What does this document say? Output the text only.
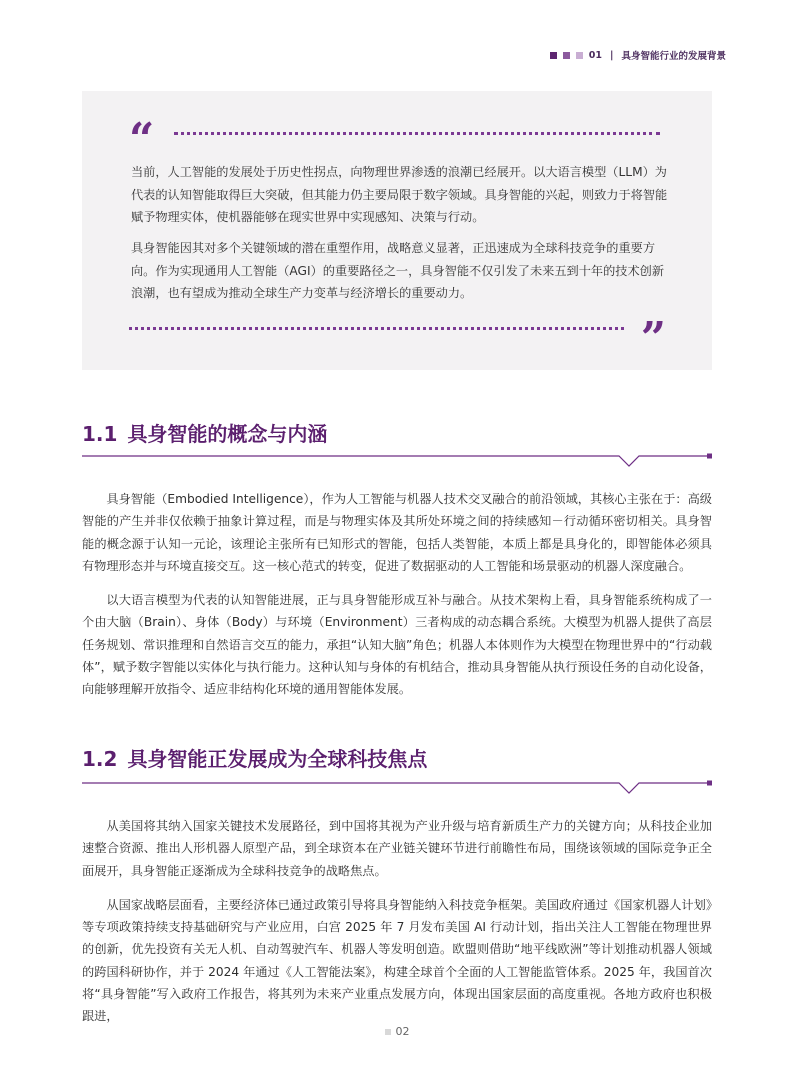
01 | 具身智能行业的发展背景
“

当前，人工智能的发展处于历史性拐点，向物理世界渗透的浪潮已经展开。以大语言模型（LLM）为代表的认知智能取得巨大突破，但其能力仍主要局限于数字领域。具身智能的兴起，则致力于将智能赋予物理实体，使机器能够在现实世界中实现感知、决策与行动。

具身智能因其对多个关键领域的潜在重塑作用，战略意义显著，正迅速成为全球科技竞争的重要方向。作为实现通用人工智能（AGI）的重要路径之一，具身智能不仅引发了未来五到十年的技术创新浪潮，也有望成为推动全球生产力变革与经济增长的重要动力。

”
1.1 具身智能的概念与内涵

具身智能（Embodied Intelligence），作为人工智能与机器人技术交叉融合的前沿领域，其核心主张在于：高级智能的产生并非仅依赖于抽象计算过程，而是与物理实体及其所处环境之间的持续感知－行动循环密切相关。具身智能的概念源于认知一元论，该理论主张所有已知形式的智能，包括人类智能，本质上都是具身化的，即智能体必须具有物理形态并与环境直接交互。这一核心范式的转变，促进了数据驱动的人工智能和场景驱动的机器人深度融合。

以大语言模型为代表的认知智能进展，正与具身智能形成互补与融合。从技术架构上看，具身智能系统构成了一个由大脑（Brain）、身体（Body）与环境（Environment）三者构成的动态耦合系统。大模型为机器人提供了高层任务规划、常识推理和自然语言交互的能力，承担“认知大脑”角色；机器人本体则作为大模型在物理世界中的“行动载体”，赋予数字智能以实体化与执行能力。这种认知与身体的有机结合，推动具身智能从执行预设任务的自动化设备，向能够理解开放指令、适应非结构化环境的通用智能体发展。

1.2 具身智能正发展成为全球科技焦点

从美国将其纳入国家关键技术发展路径，到中国将其视为产业升级与培育新质生产力的关键方向；从科技企业加速整合资源、推出人形机器人原型产品，到全球资本在产业链关键环节进行前瞻性布局，围绕该领域的国际竞争正全面展开，具身智能正逐渐成为全球科技竞争的战略焦点。

从国家战略层面看，主要经济体已通过政策引导将具身智能纳入科技竞争框架。美国政府通过《国家机器人计划》等专项政策持续支持基础研究与产业应用，白宫 2025 年 7 月发布美国 AI 行动计划，指出关注人工智能在物理世界的创新，优先投资有关无人机、自动驾驶汽车、机器人等发明创造。欧盟则借助“地平线欧洲”等计划推动机器人领域的跨国科研协作，并于 2024 年通过《人工智能法案》，构建全球首个全面的人工智能监管体系。2025 年，我国首次将“具身智能”写入政府工作报告，将其列为未来产业重点发展方向，体现出国家层面的高度重视。各地方政府也积极跟进，

02
